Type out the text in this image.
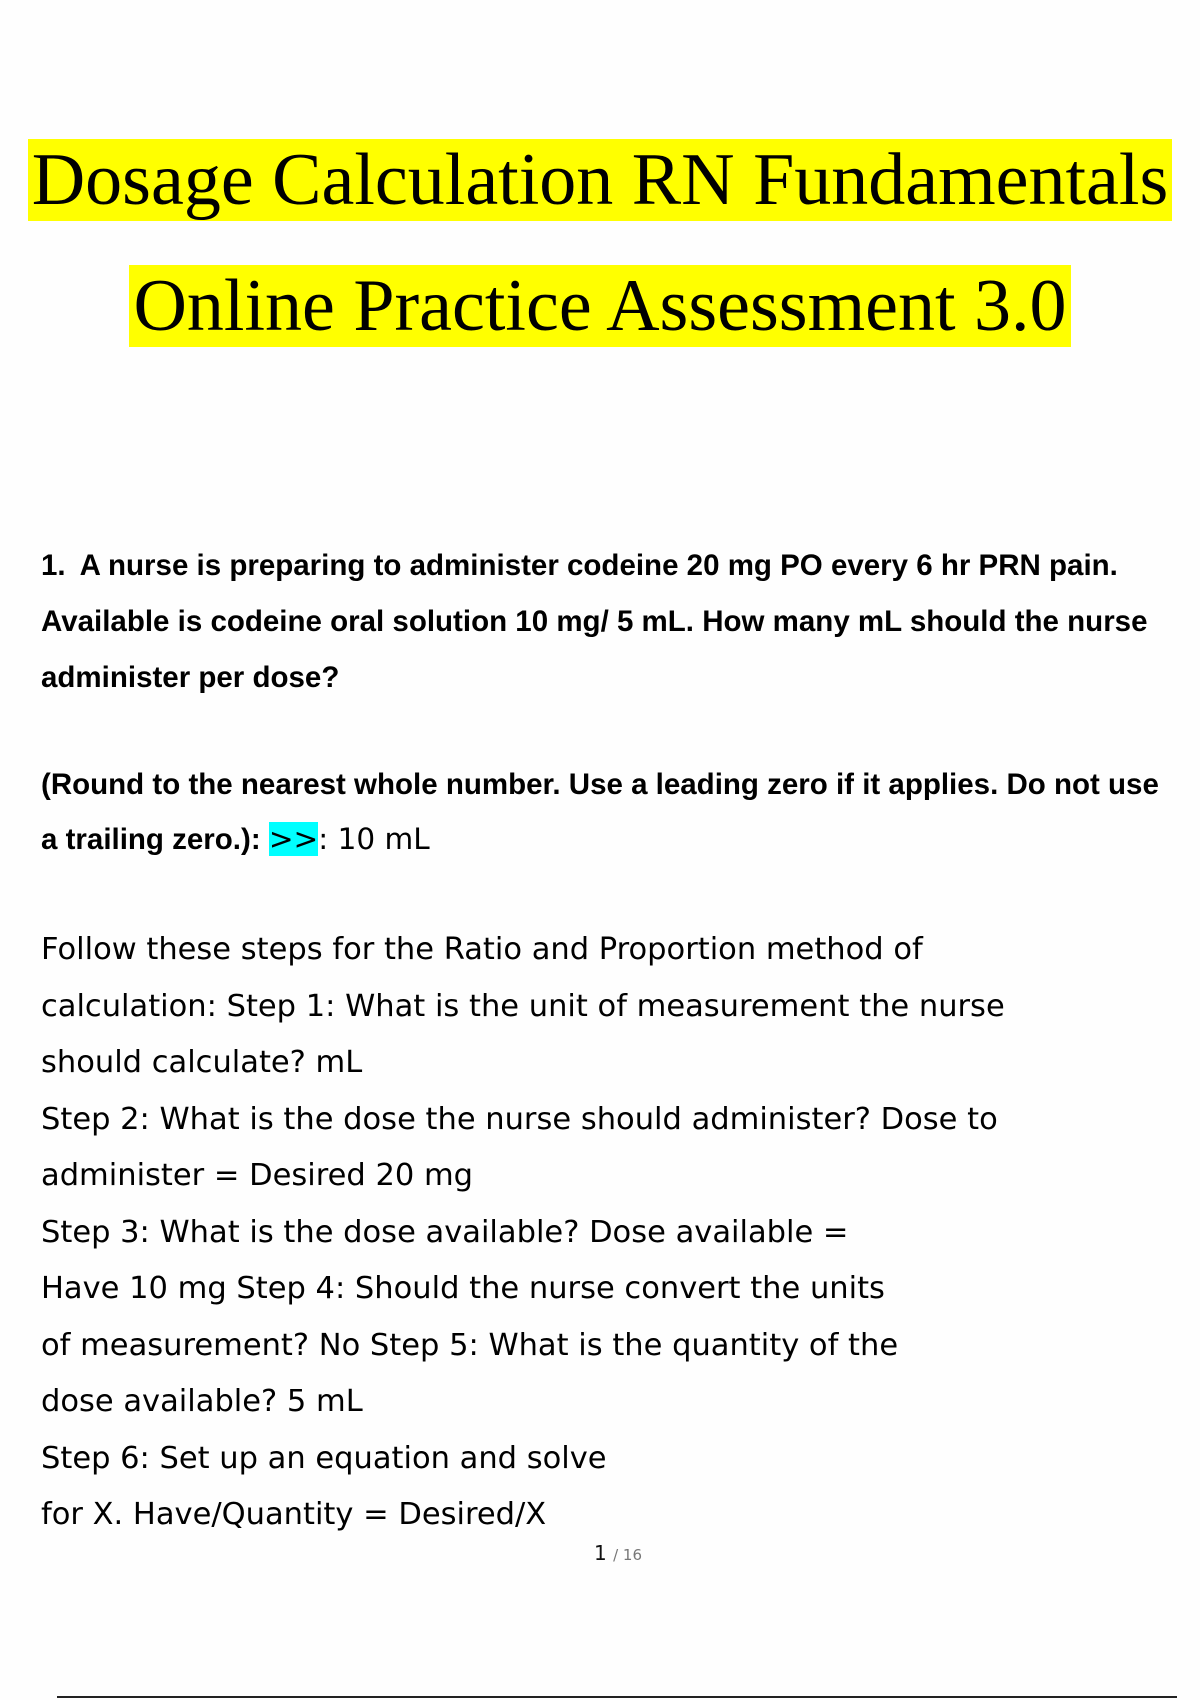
Dosage Calculation RN Fundamentals
Online Practice Assessment 3.0
1. A nurse is preparing to administer codeine 20 mg PO every 6 hr PRN pain. Available is codeine oral solution 10 mg/ 5 mL. How many mL should the nurse administer per dose?
(Round to the nearest whole number. Use a leading zero if it applies. Do not use a trailing zero.): >>: 10 mL
Follow these steps for the Ratio and Proportion method of
calculation: Step 1: What is the unit of measurement the nurse
should calculate? mL
Step 2: What is the dose the nurse should administer? Dose to
administer = Desired 20 mg
Step 3: What is the dose available? Dose available =
Have 10 mg Step 4: Should the nurse convert the units
of measurement? No Step 5: What is the quantity of the
dose available? 5 mL
Step 6: Set up an equation and solve
for X. Have/Quantity = Desired/X
1 / 16
